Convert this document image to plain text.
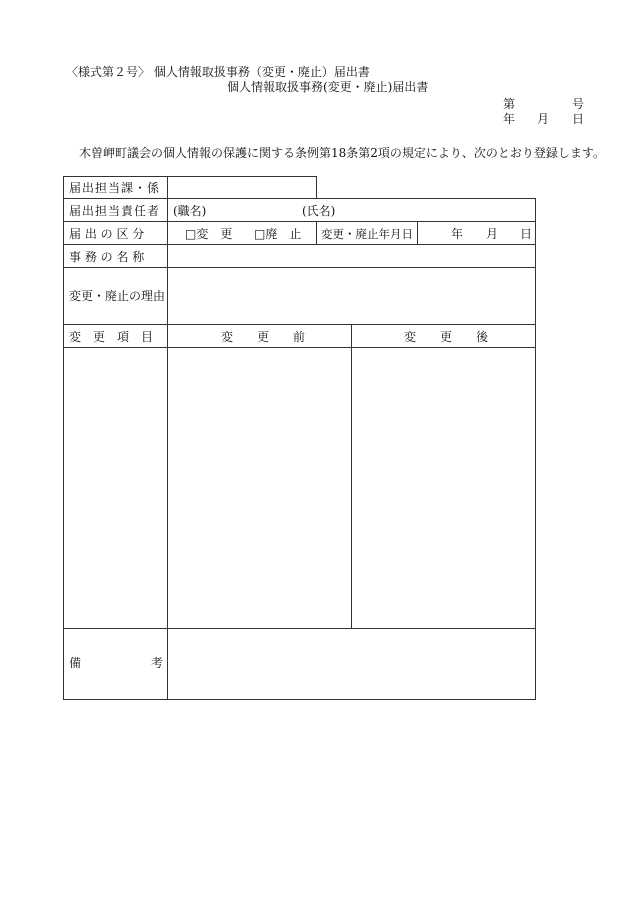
〈様式第２号〉 個人情報取扱事務（変更・廃止）届出書
個人情報取扱事務(変更・廃止)届出書
第	号
年 月 日
木曽岬町議会の個人情報の保護に関する条例第18条第2項の規定により、次のとおり登録します。
届出担当課・係
届出担当責任者 (職名)	(氏名)
届 出 の 区 分	□変　更 □廃　止 変更・廃止年月日	年 月 日
事 務 の 名 称
変更・廃止の理由
変　更　項　目	変　　更　　前	変　　更　　後
備	考
